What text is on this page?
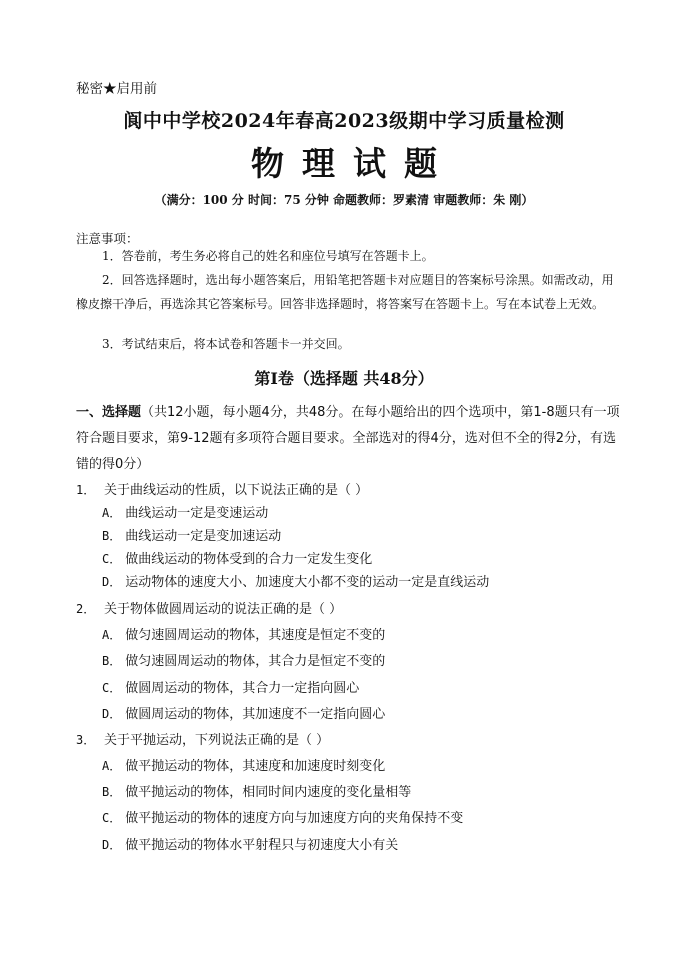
秘密★启用前
阆中中学校2024年春高2023级期中学习质量检测
物理试题
（满分：100 分 时间：75 分钟 命题教师：罗素清 审题教师：朱 刚）
注意事项：
1．答卷前，考生务必将自己的姓名和座位号填写在答题卡上。
2．回答选择题时，选出每小题答案后，用铅笔把答题卡对应题目的答案标号涂黑。如需改动，用橡皮擦干净后，再选涂其它答案标号。回答非选择题时，将答案写在答题卡上。写在本试卷上无效。
3．考试结束后，将本试卷和答题卡一并交回。
第Ⅰ卷（选择题 共48分）
一、选择题（共12小题，每小题4分，共48分。在每小题给出的四个选项中，第1-8题只有一项符合题目要求，第9-12题有多项符合题目要求。全部选对的得4分，选对但不全的得2分，有选错的得0分）
1． 关于曲线运动的性质，以下说法正确的是（ ）
A． 曲线运动一定是变速运动
B． 曲线运动一定是变加速运动
C． 做曲线运动的物体受到的合力一定发生变化
D． 运动物体的速度大小、加速度大小都不变的运动一定是直线运动
2． 关于物体做圆周运动的说法正确的是（ ）
A． 做匀速圆周运动的物体，其速度是恒定不变的
B． 做匀速圆周运动的物体，其合力是恒定不变的
C． 做圆周运动的物体，其合力一定指向圆心
D． 做圆周运动的物体，其加速度不一定指向圆心
3． 关于平抛运动，下列说法正确的是（ ）
A． 做平抛运动的物体，其速度和加速度时刻变化
B． 做平抛运动的物体，相同时间内速度的变化量相等
C． 做平抛运动的物体的速度方向与加速度方向的夹角保持不变
D． 做平抛运动的物体水平射程只与初速度大小有关
